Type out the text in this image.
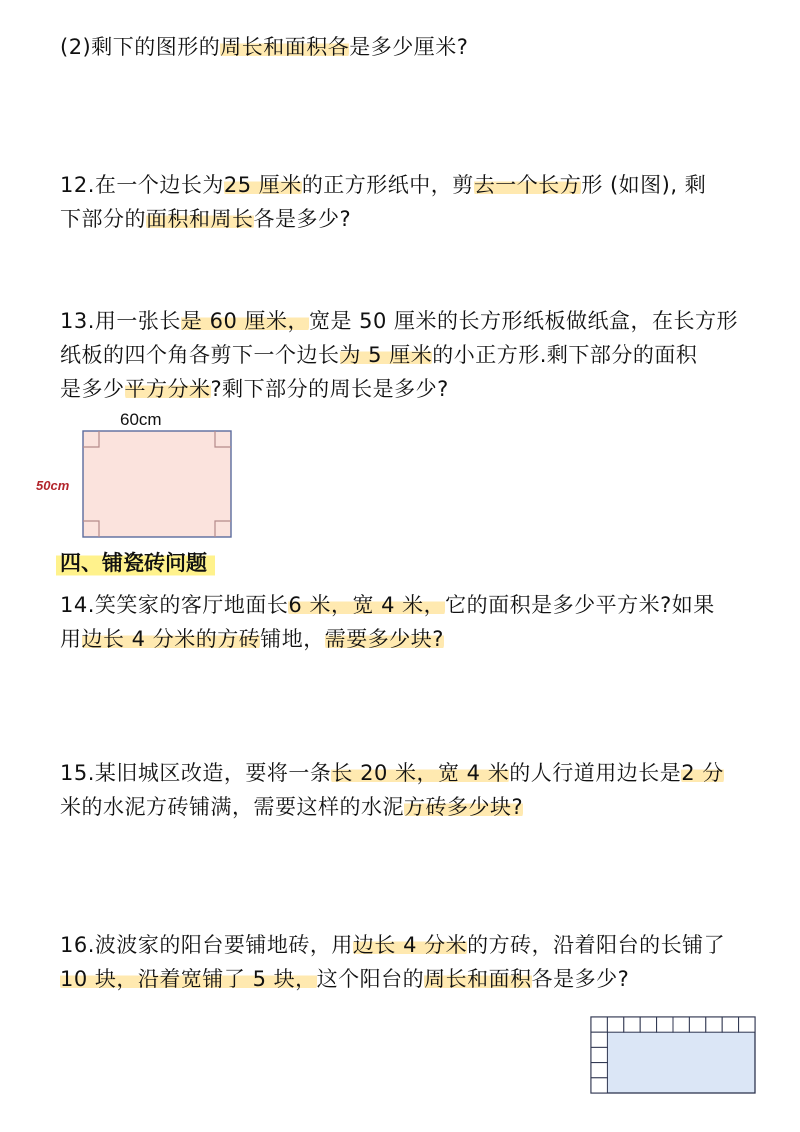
(2)剩下的图形的周长和面积各是多少厘米?
12.在一个边长为25 厘米的正方形纸中，剪去一个长方形 (如图), 剩
下部分的面积和周长各是多少?
13.用一张长是 60 厘米，宽是 50 厘米的长方形纸板做纸盒，在长方形
纸板的四个角各剪下一个边长为 5 厘米的小正方形.剩下部分的面积
是多少平方分米?剩下部分的周长是多少?
60cm
50cm
四、铺瓷砖问题
14.笑笑家的客厅地面长6 米，宽 4 米，它的面积是多少平方米?如果
用边长 4 分米的方砖铺地，需要多少块?
15.某旧城区改造，要将一条长 20 米，宽 4 米的人行道用边长是2 分
米的水泥方砖铺满，需要这样的水泥方砖多少块?
16.波波家的阳台要铺地砖，用边长 4 分米的方砖，沿着阳台的长铺了
10 块，沿着宽铺了 5 块，这个阳台的周长和面积各是多少?
